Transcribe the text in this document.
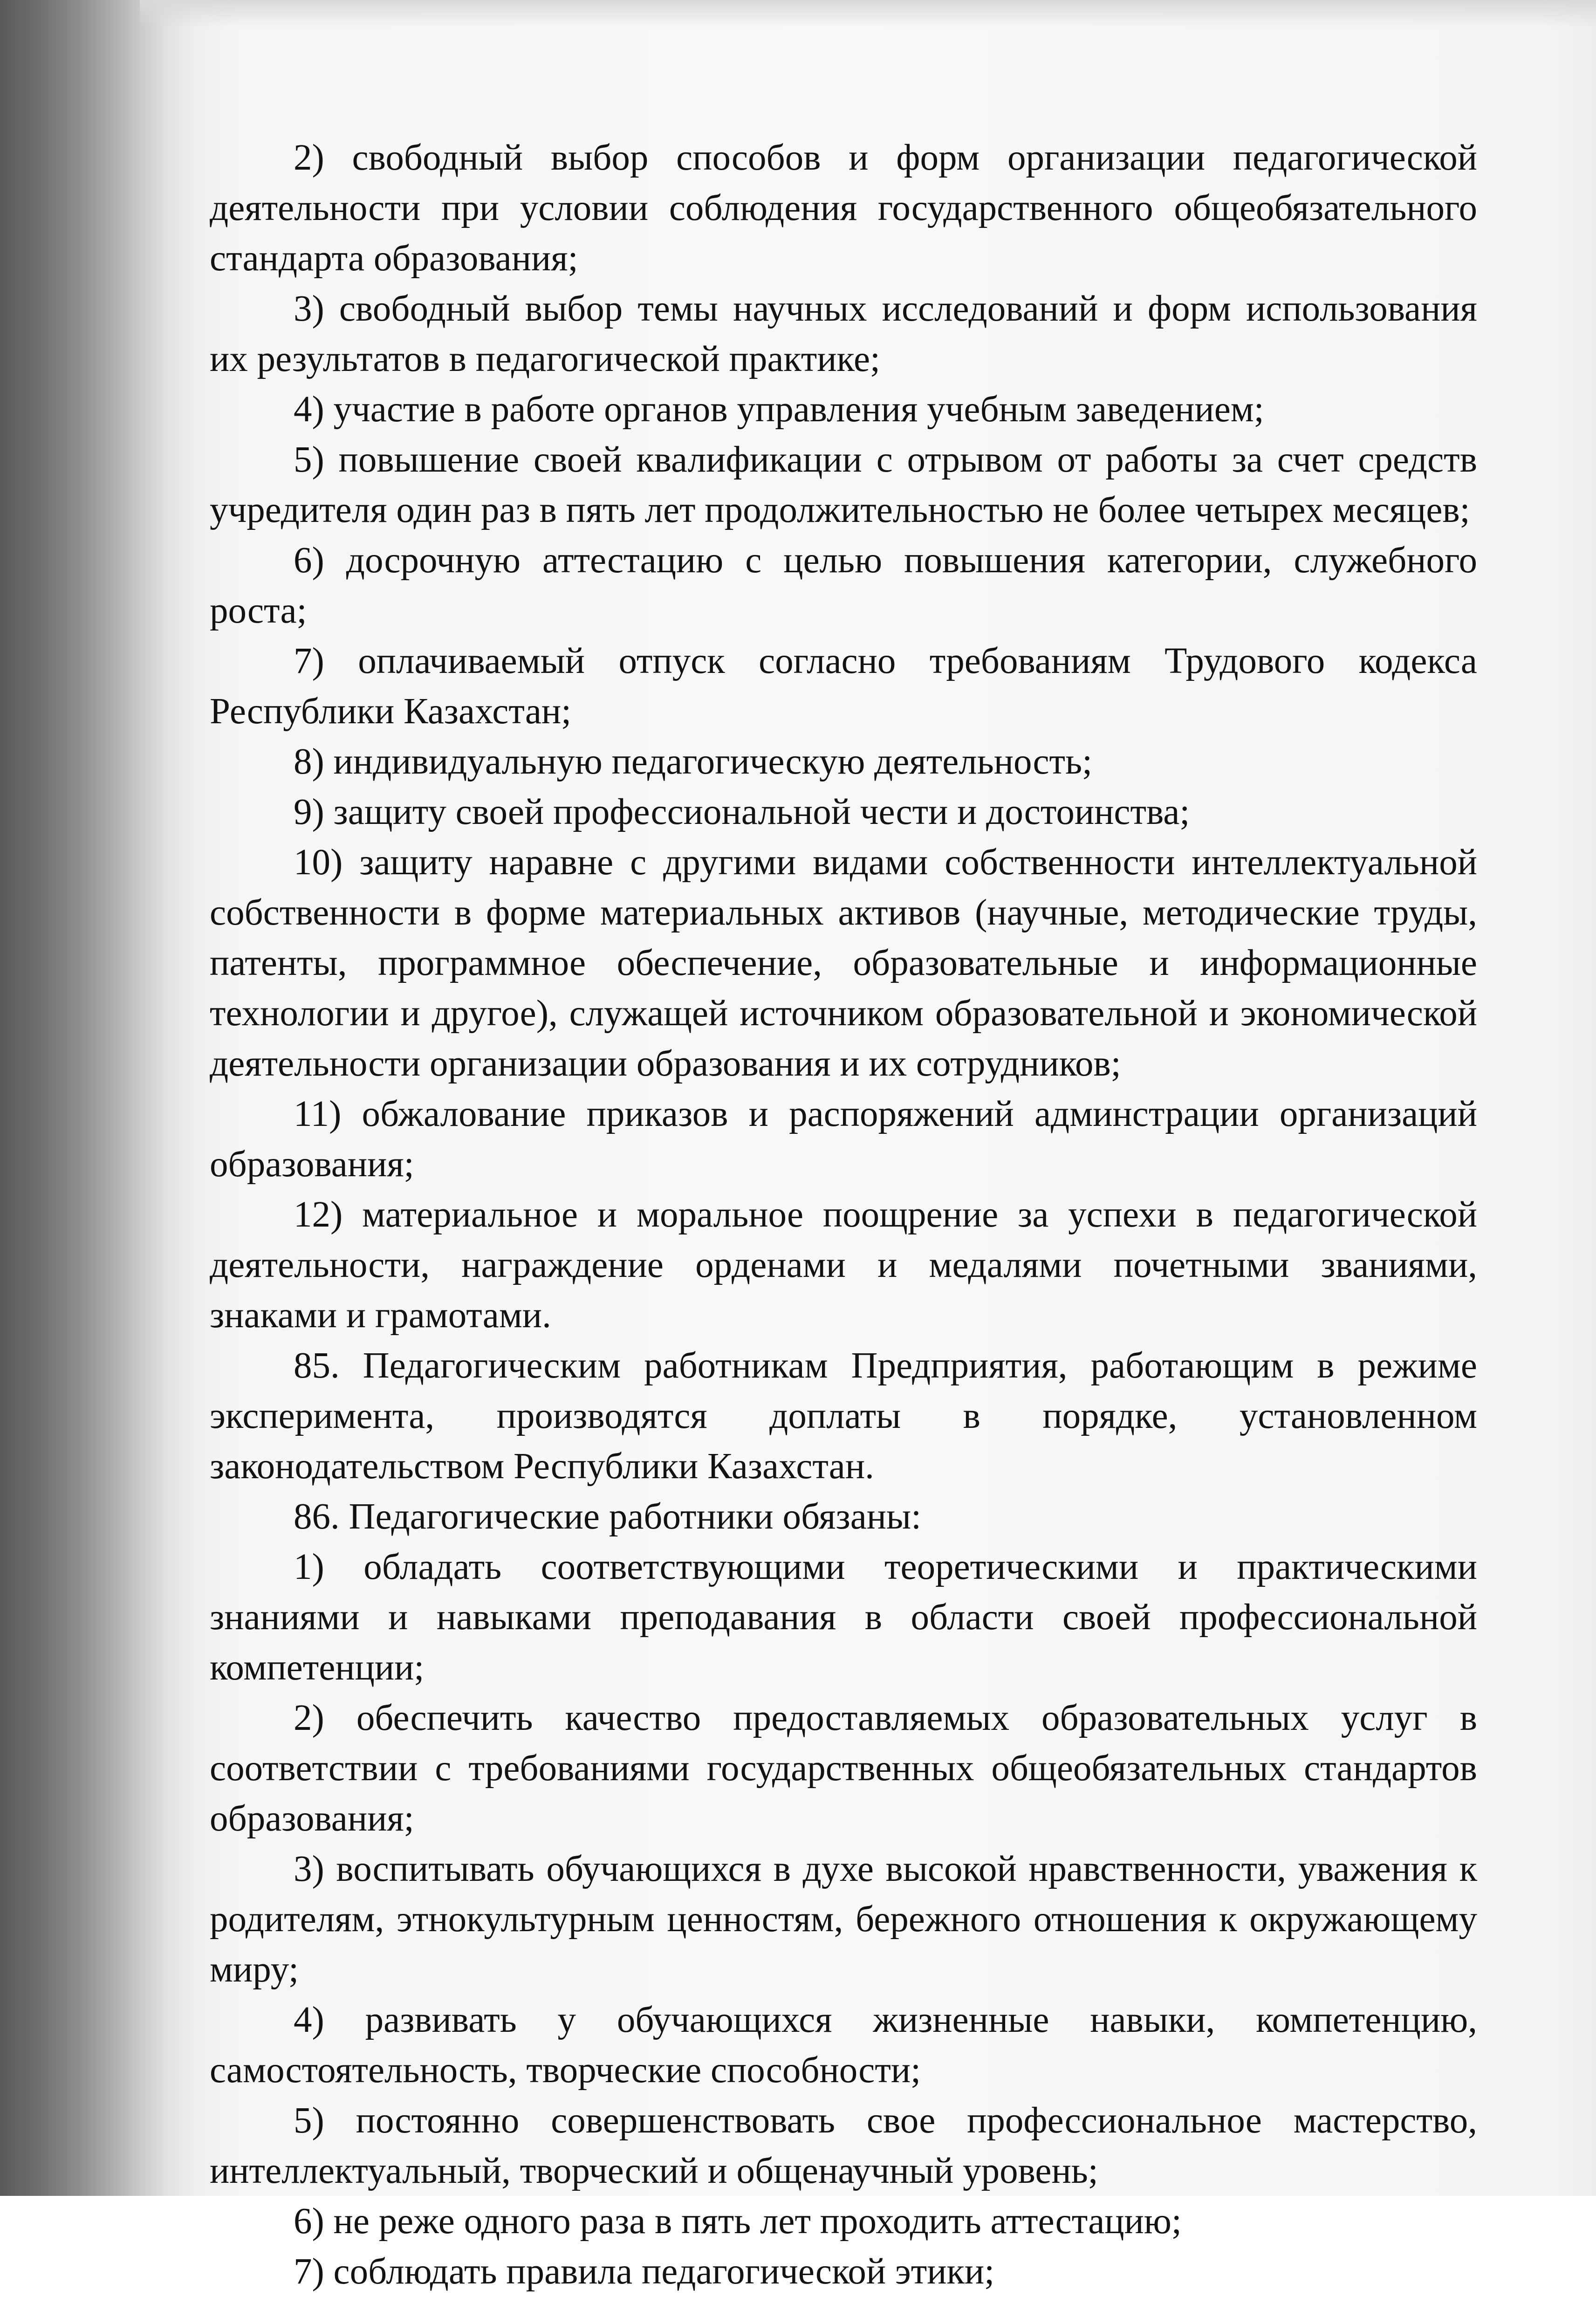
2) свободный выбор способов и форм организации педагогической деятельности при условии соблюдения государственного общеобязательного стандарта образования;

3) свободный выбор темы научных исследований и форм использования их результатов в педагогической практике;

4) участие в работе органов управления учебным заведением;

5) повышение своей квалификации с отрывом от работы за счет средств учредителя один раз в пять лет продолжительностью не более четырех месяцев;

6) досрочную аттестацию с целью повышения категории, служебного роста;

7) оплачиваемый отпуск согласно требованиям Трудового кодекса Республики Казахстан;

8) индивидуальную педагогическую деятельность;

9) защиту своей профессиональной чести и достоинства;

10) защиту наравне с другими видами собственности интеллектуальной собственности в форме материальных активов (научные, методические труды, патенты, программное обеспечение, образовательные и информационные технологии и другое), служащей источником образовательной и экономической деятельности организации образования и их сотрудников;

11) обжалование приказов и распоряжений админстрации организаций образования;

12) материальное и моральное поощрение за успехи в педагогической деятельности, награждение орденами и медалями почетными званиями, знаками и грамотами.

85. Педагогическим работникам Предприятия, работающим в режиме эксперимента, производятся доплаты в порядке, установленном законодательством Республики Казахстан.

86. Педагогические работники обязаны:

1) обладать соответствующими теоретическими и практическими знаниями и навыками преподавания в области своей профессиональной компетенции;

2) обеспечить качество предоставляемых образовательных услуг в соответствии с требованиями государственных общеобязательных стандартов образования;

3) воспитывать обучающихся в духе высокой нравственности, уважения к родителям, этнокультурным ценностям, бережного отношения к окружающему миру;

4) развивать у обучающихся жизненные навыки, компетенцию, самостоятельность, творческие способности;

5) постоянно совершенствовать свое профессиональное мастерство, интеллектуальный, творческий и общенаучный уровень;

6) не реже одного раза в пять лет проходить аттестацию;

7) соблюдать правила педагогической этики;
